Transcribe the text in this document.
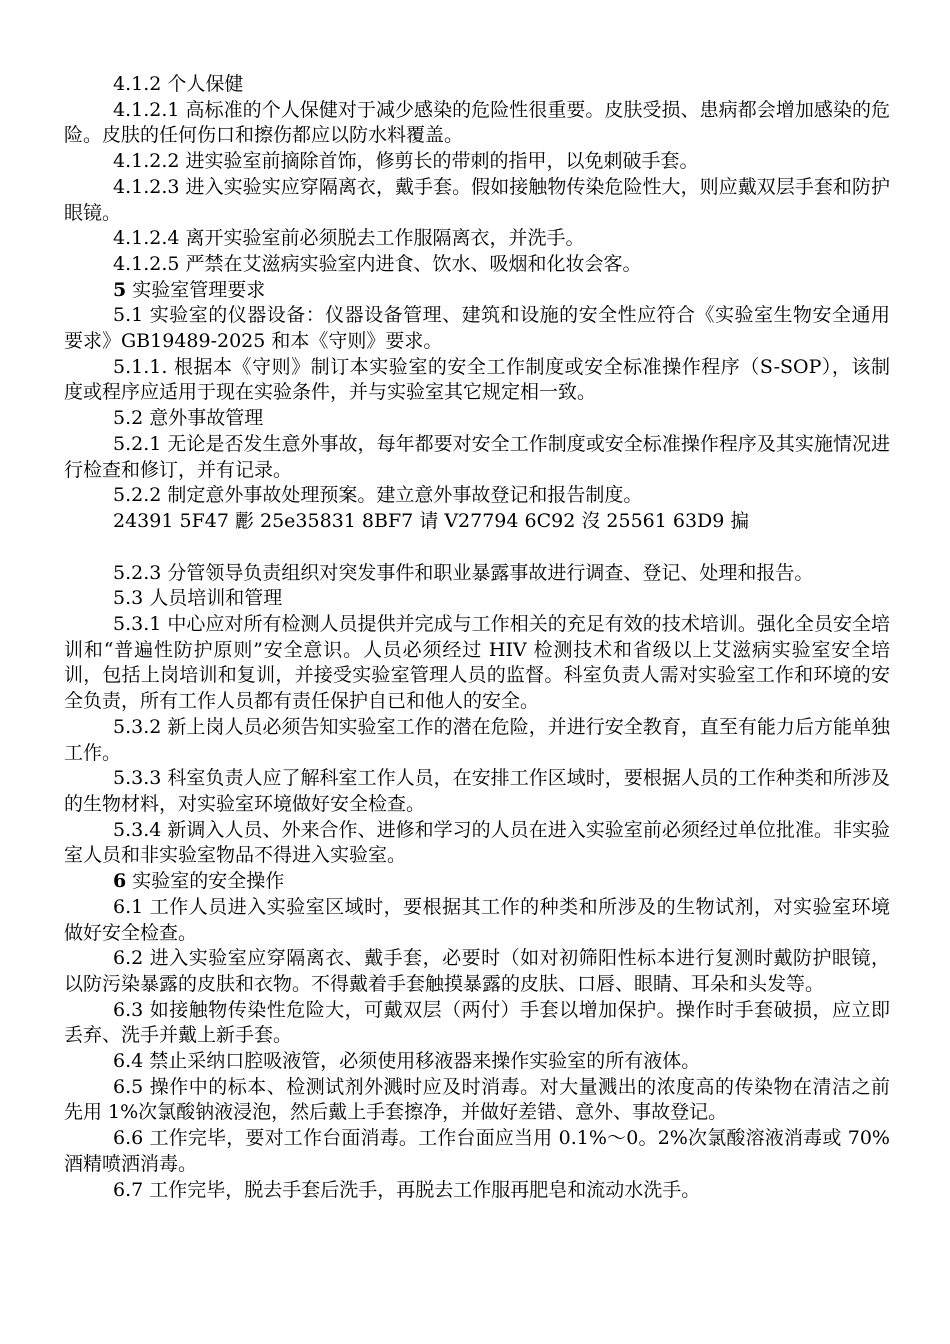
4.1.2 个人保健

4.1.2.1 高标准的个人保健对于减少感染的危险性很重要。皮肤受损、患病都会增加感染的危险。皮肤的任何伤口和擦伤都应以防水料覆盖。

4.1.2.2 进实验室前摘除首饰，修剪长的带刺的指甲，以免刺破手套。

4.1.2.3 进入实验实应穿隔离衣，戴手套。假如接触物传染危险性大，则应戴双层手套和防护眼镜。

4.1.2.4 离开实验室前必须脱去工作服隔离衣，并洗手。

4.1.2.5 严禁在艾滋病实验室内进食、饮水、吸烟和化妆会客。

5 实验室管理要求

5.1 实验室的仪器设备：仪器设备管理、建筑和设施的安全性应符合《实验室生物安全通用要求》GB19489-2025 和本《守则》要求。

5.1.1. 根据本《守则》制订本实验室的安全工作制度或安全标准操作程序（S-SOP），该制度或程序应适用于现在实验条件，并与实验室其它规定相一致。

5.2 意外事故管理

5.2.1 无论是否发生意外事故，每年都要对安全工作制度或安全标准操作程序及其实施情况进行检查和修订，并有记录。

5.2.2 制定意外事故处理预案。建立意外事故登记和报告制度。

24391 5F47 彲 25e35831 8BF7 请 V27794 6C92 沒 25561 63D9 揙

5.2.3 分管领导负责组织对突发事件和职业暴露事故进行调查、登记、处理和报告。

5.3 人员培训和管理

5.3.1 中心应对所有检测人员提供并完成与工作相关的充足有效的技术培训。强化全员安全培训和“普遍性防护原则”安全意识。人员必须经过 HIV 检测技术和省级以上艾滋病实验室安全培训，包括上岗培训和复训，并接受实验室管理人员的监督。科室负责人需对实验室工作和环境的安全负责，所有工作人员都有责任保护自已和他人的安全。

5.3.2 新上岗人员必须告知实验室工作的潜在危险，并进行安全教育，直至有能力后方能单独工作。

5.3.3 科室负责人应了解科室工作人员，在安排工作区域时，要根据人员的工作种类和所涉及的生物材料，对实验室环境做好安全检查。

5.3.4 新调入人员、外来合作、进修和学习的人员在进入实验室前必须经过单位批准。非实验室人员和非实验室物品不得进入实验室。

6 实验室的安全操作

6.1 工作人员进入实验室区域时，要根据其工作的种类和所涉及的生物试剂，对实验室环境做好安全检查。

6.2 进入实验室应穿隔离衣、戴手套，必要时（如对初筛阳性标本进行复测时戴防护眼镜，以防污染暴露的皮肤和衣物。不得戴着手套触摸暴露的皮肤、口唇、眼睛、耳朵和头发等。

6.3 如接触物传染性危险大，可戴双层（两付）手套以增加保护。操作时手套破损，应立即丢弃、洗手并戴上新手套。

6.4 禁止采纳口腔吸液管，必须使用移液器来操作实验室的所有液体。

6.5 操作中的标本、检测试剂外溅时应及时消毒。对大量溅出的浓度高的传染物在清洁之前先用 1%次氯酸钠液浸泡，然后戴上手套擦净，并做好差错、意外、事故登记。

6.6 工作完毕，要对工作台面消毒。工作台面应当用 0.1%～0。2%次氯酸溶液消毒或 70%酒精喷洒消毒。

6.7 工作完毕，脱去手套后洗手，再脱去工作服再肥皂和流动水洗手。
